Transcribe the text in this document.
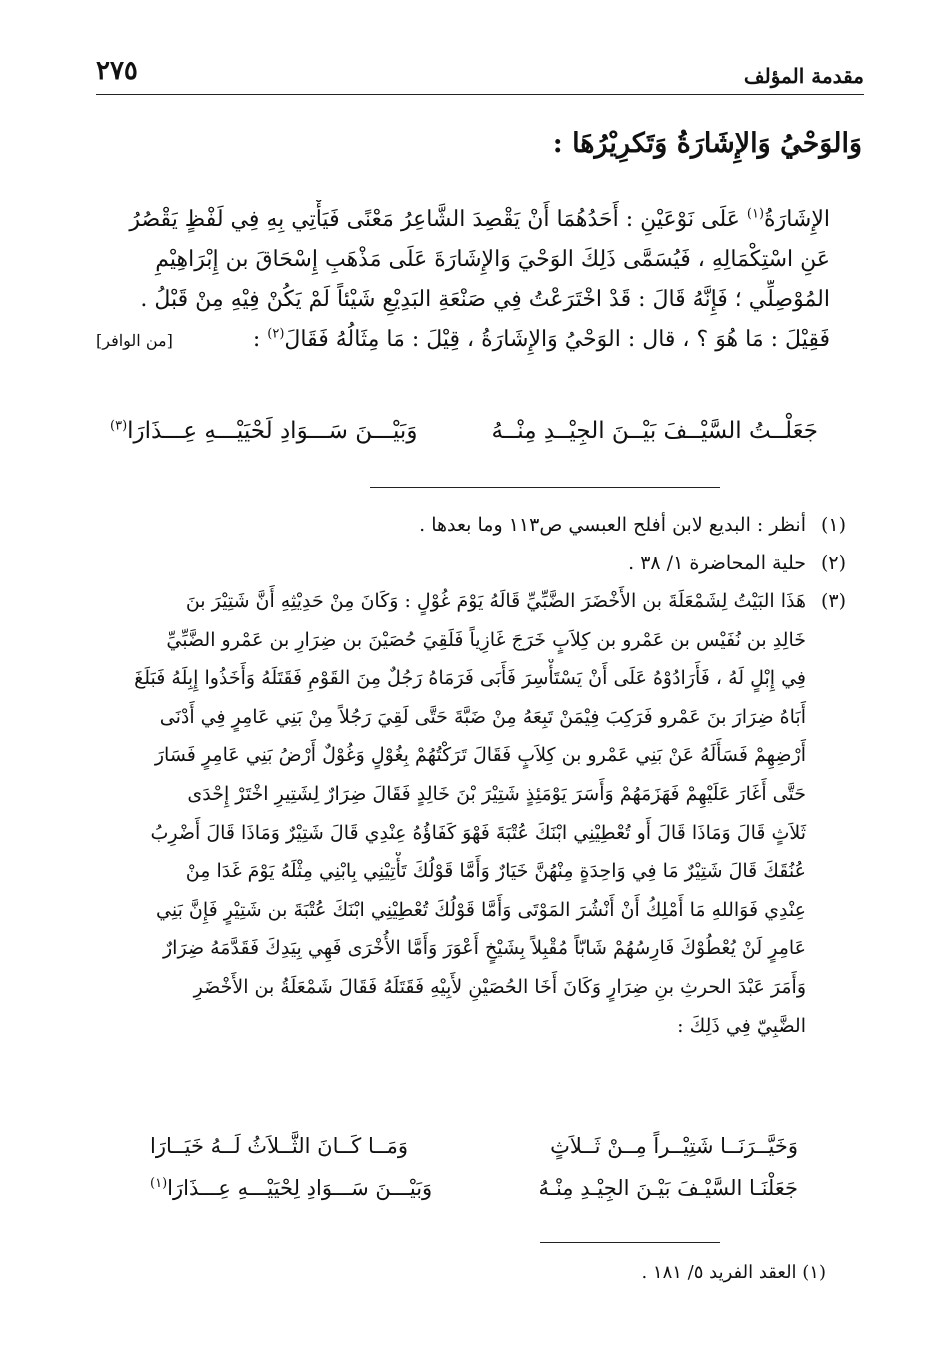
مقدمة المؤلف
٢٧٥
وَالوَحْيُ وَالإِشَارَةُ وَتَكرِيْرُهَا :
الإِشَارَةُ$^{(١)}$ عَلَى نَوْعَيْنِ : أَحَدُهُمَا أَنْ يَقْصِدَ الشَّاعِرُ مَعْنًى فَيَأْتِي بِهِ فِي لَفْظٍ يَقْصُرُ
عَنِ اسْتِكْمَالِهِ ، فَيُسَمَّى ذَلِكَ الوَحْيَ وَالإِشَارَةَ عَلَى مَذْهَبِ إِسْحَاقَ بن إِبْرَاهِيْمِ
المُوْصِلِّي ؛ فَإِنَّهُ قَالَ : قَدْ اخْتَرَعْتُ فِي صَنْعَةِ البَدِيْعِ شَيْئاً لَمْ يَكُنْ فِيْهِ مِنْ قَبْلُ .
فَقِيْلَ : مَا هُوَ ؟ ، قال : الوَحْيُ وَالإِشَارَةُ ، قِيْلَ : مَا مِثَالُهُ فَقَالَ$^{(٢)}$ :
[من الوافر]
جَعَلْــتُ السَّيْــفَ بَيْــنَ الجِيْــدِ مِنْــهُ
وَبَيْـــنَ سَـــوَادِ لَحْيَيْـــهِ عِـــذَارَا$^{(٣)}$
(١)
أنظر : البديع لابن أفلح العبسي ص١١٣ وما بعدها .
(٢)
حلية المحاضرة ١/ ٣٨ .
(٣)
هَذَا البَيْتُ لِشَمْعَلَةَ بن الأَخْضَرَ الضَّبِّيِّ قَالَهُ يَوْمَ غُوْلٍ : وَكَانَ مِنْ حَدِيْثِهِ أَنَّ شَتِيْرَ بنَ
خَالِدِ بن نُفَيْس بن عَمْرو بن كِلاَبٍ خَرَجَ غَازِياً فَلَقِيَ حُصَيْنَ بن ضِرَارِ بن عَمْرو الضَّبِّيِّ
فِي إِبْلٍ لَهُ ، فَأَرَادُوْهُ عَلَى أَنْ يَسْتَأْسِرَ فَأَبَى فَرَمَاهُ رَجُلٌ مِنَ القَوْمِ فَقَتَلَهُ وَأَخَذُوا إِبِلَهُ فَبَلَغَ
أَبَاهُ ضِرَارَ بنَ عَمْرو فَرَكِبَ فِيْمَنْ تَبِعَهُ مِنْ ضَبَّةَ حَتَّى لَقِيَ رَجُلاً مِنْ بَنِي عَامِرٍ فِي أَدْنَى
أَرْضِهِمْ فَسَأَلَهُ عَنْ بَنِي عَمْرو بن كِلاَبٍ فَقَالَ تَرَكْتُهُمْ بِغُوْلٍ وَغُوْلٌ أَرْضُ بَنِي عَامِرٍ فَسَارَ
حَتَّى أَغَارَ عَلَيْهِمْ فَهَزَمَهُمْ وَأَسَرَ يَوْمَئِذٍ شَتِيْرَ بْنَ خَالِدٍ فَقَالَ ضِرَارٌ لِشَتِيرِ اخْتَرْ إِحْدَى
ثَلاَثٍ قَالَ وَمَاذَا قَالَ أَو تُعْطِيْنِي ابْنَكَ عُتْبَةَ فَهْوَ كَفَاؤُهُ عِنْدِي قَالَ شَتِيْرٌ وَمَاذَا قَالَ أَضْرِبُ
عُنُقَكَ قَالَ شَتِيْرٌ مَا فِي وَاحِدَةٍ مِنْهُنَّ خَيَارٌ وَأَمَّا قَوْلُكَ تَأْتِيْنِي بِابْنِي مِثْلَهُ يَوْمَ غَدَا مِنْ
عِنْدِي فَوَاللهِ مَا أَمْلِكُ أَنْ أَنْشُرَ المَوْتَى وَأَمَّا قَوْلُكَ تُعْطِيْنِي ابْنَكَ عُتْبَةَ بن شَتِيْرٍ فَإِنَّ بَنِي
عَامِرٍ لَنْ يُعْطُوْكَ فَارِسُهُمْ شَابّاً مُقْبِلاً بِشَيْخٍ أَعْوَرَ وَأَمَّا الأُخْرَى فَهِي بِيَدِكَ فَقَدَّمَهُ ضِرَارٌ
وَأَمَرَ عَبْدَ الحرثِ بنِ ضِرَارٍ وَكَانَ أَخَا الحُصَيْنِ لأَبِيْهِ فَقَتَلَهُ فَقَالَ شَمْعَلَةُ بن الأَخْضَرِ
الضَّبِيّ فِي ذَلِكَ :
وَخَيَّــرَنَــا شَتِيْــراً مِــنْ ثَــلاَثٍ
وَمَــا كَــانَ الثَّــلاَثُ لَــهُ خَيَــارَا
جَعَلْنَـا السَّيْـفَ بَيْـنَ الجِيْـدِ مِنْـهُ
وَبَيْـــنَ سَـــوَادِ لِحْيَيْـــهِ عِـــذَارَا$^{(١)}$
(١) العقد الفريد ٥/ ١٨١ .
